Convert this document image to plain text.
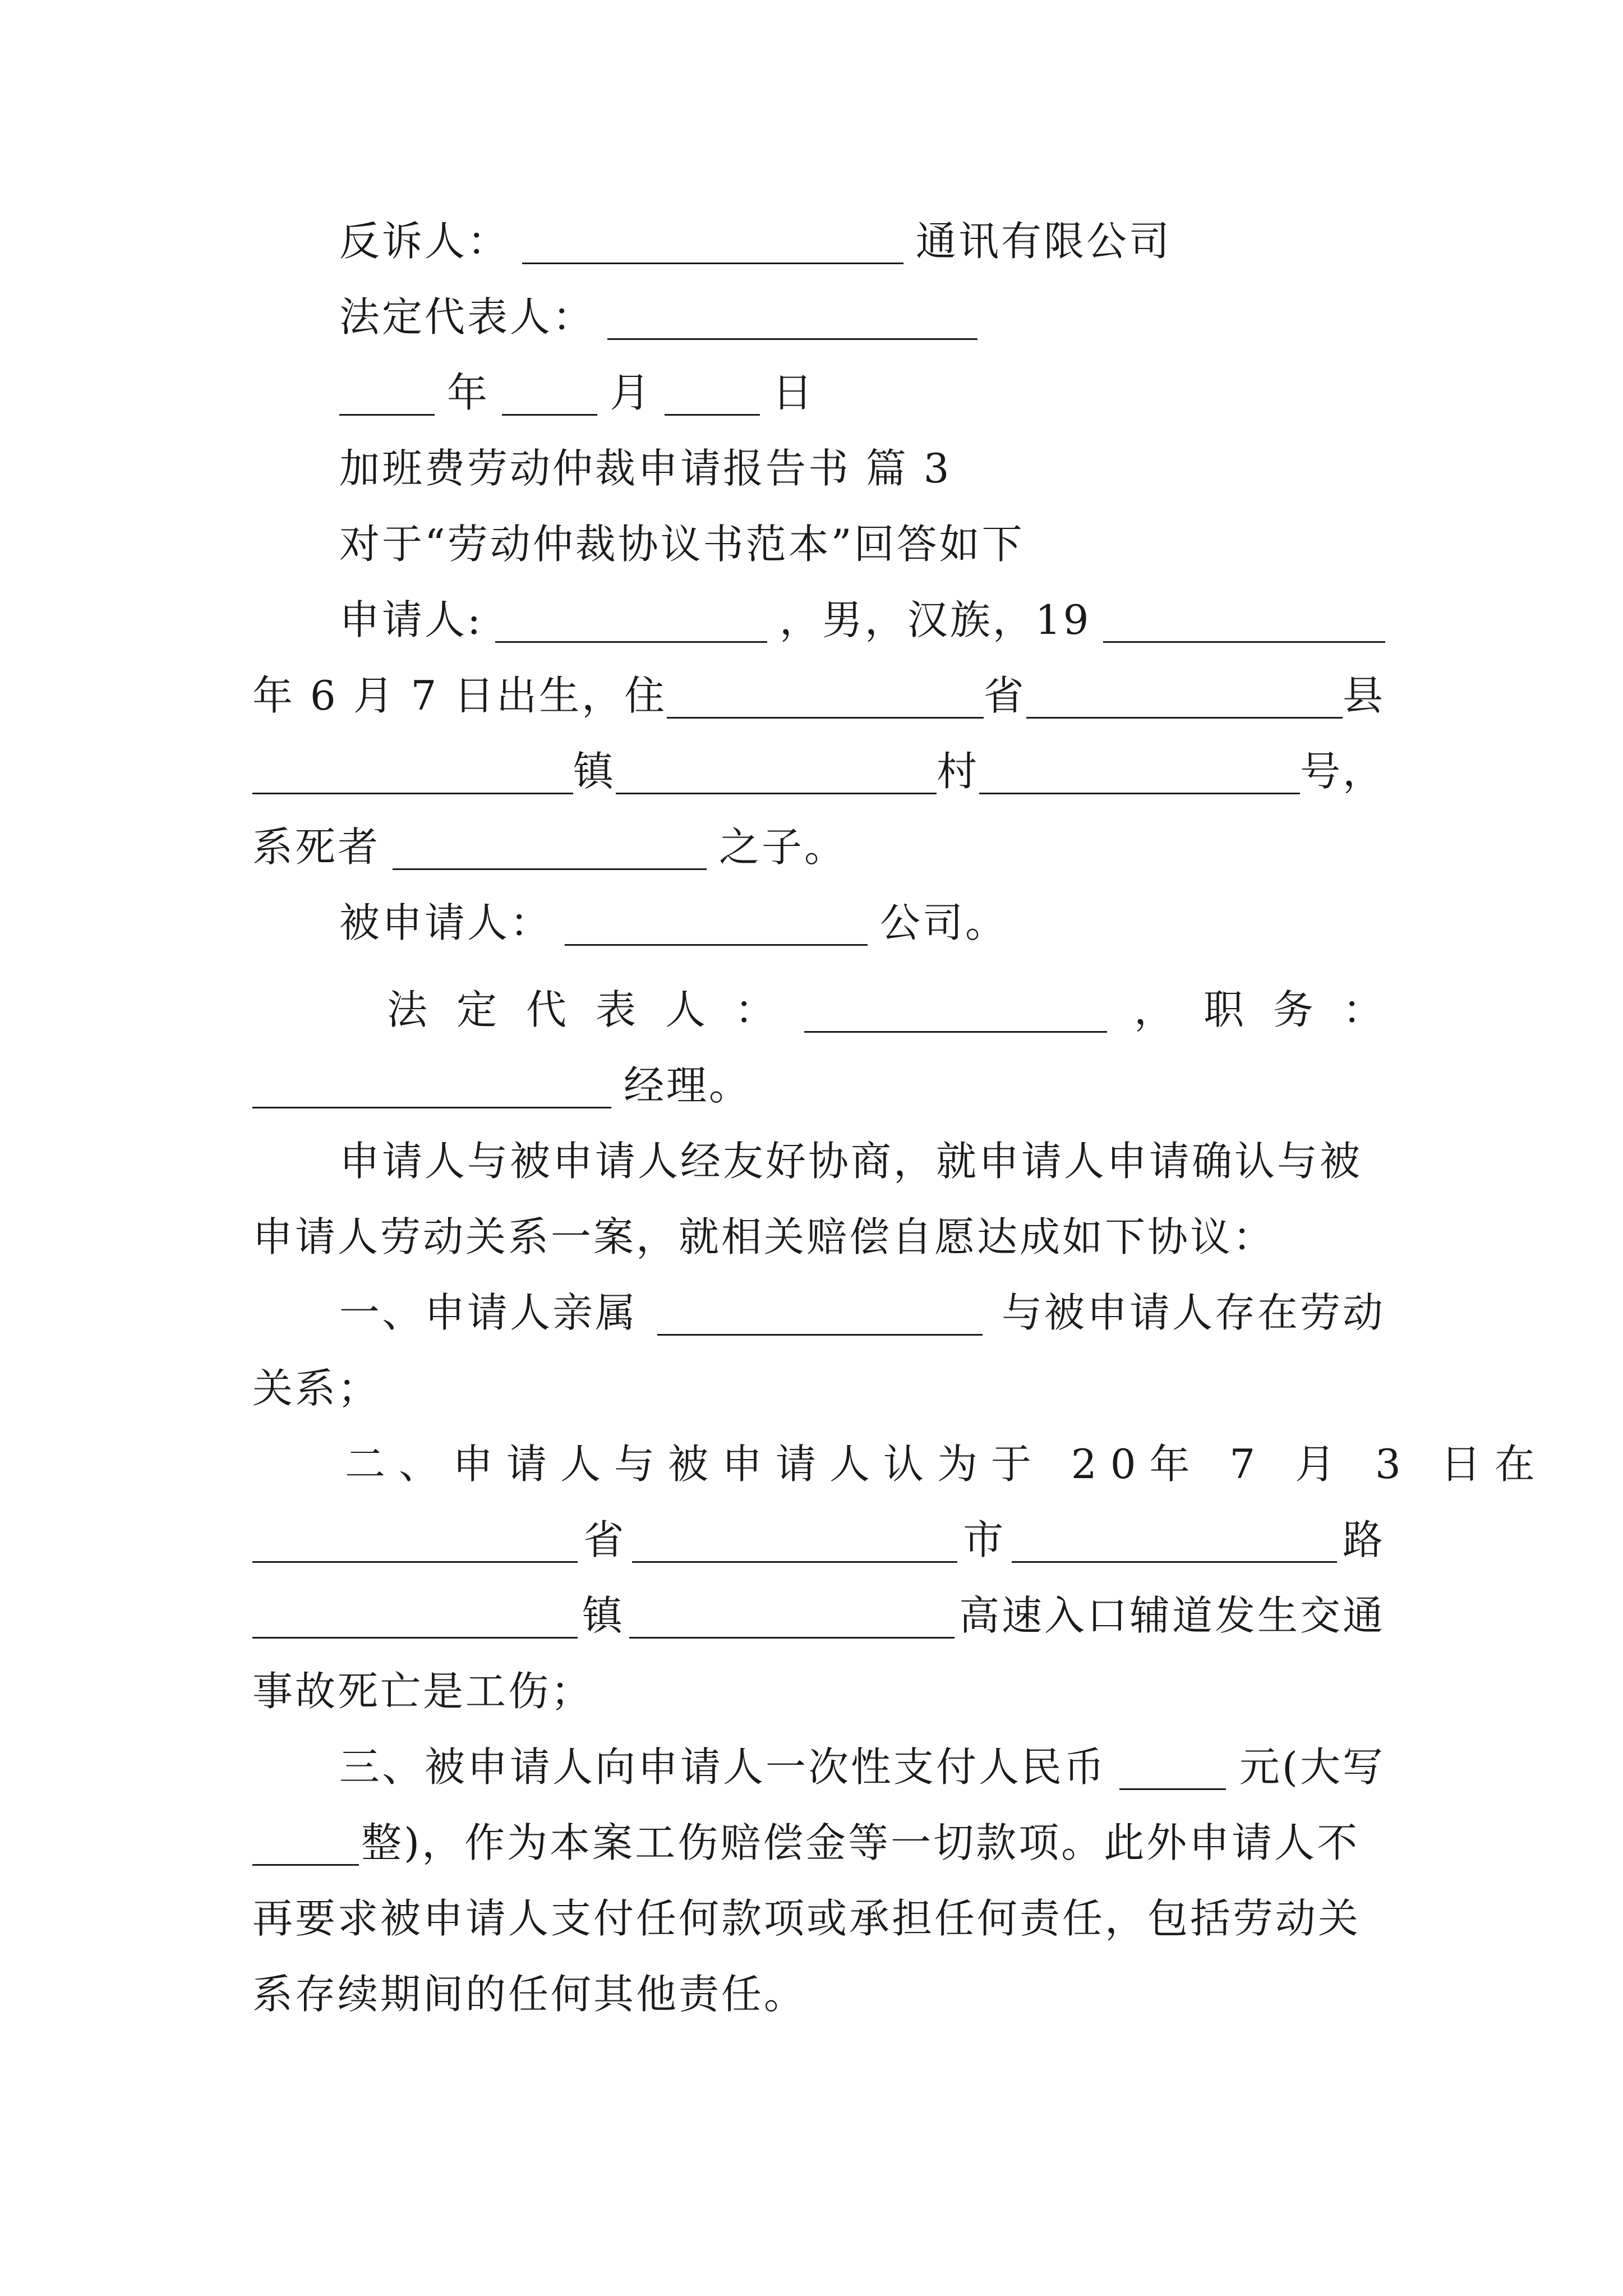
反诉人：	通讯有限公司
法定代表人：
年	月	日
加班费劳动仲裁申请报告书 篇 3
对于“劳动仲裁协议书范本”回答如下
申请人:	，男，汉族，19
年 6 月 7 日出生，住	省	县
镇	村	号，
系死者	之子。
被申请人：	公司。
法 定 代 表 人 ：	， 职 务 ：
经理。
申请人与被申请人经友好协商，就申请人申请确认与被
申请人劳动关系一案，就相关赔偿自愿达成如下协议：
一、申请人亲属	与被申请人存在劳动
关系；
二、申请人与被申请人认为于 20 年 7 月 3 日在
省	市	路
镇	高速入口辅道发生交通
事故死亡是工伤；
三、被申请人向申请人一次性支付人民币	元(大写
整)，作为本案工伤赔偿金等一切款项。此外申请人不
再要求被申请人支付任何款项或承担任何责任，包括劳动关
系存续期间的任何其他责任。
